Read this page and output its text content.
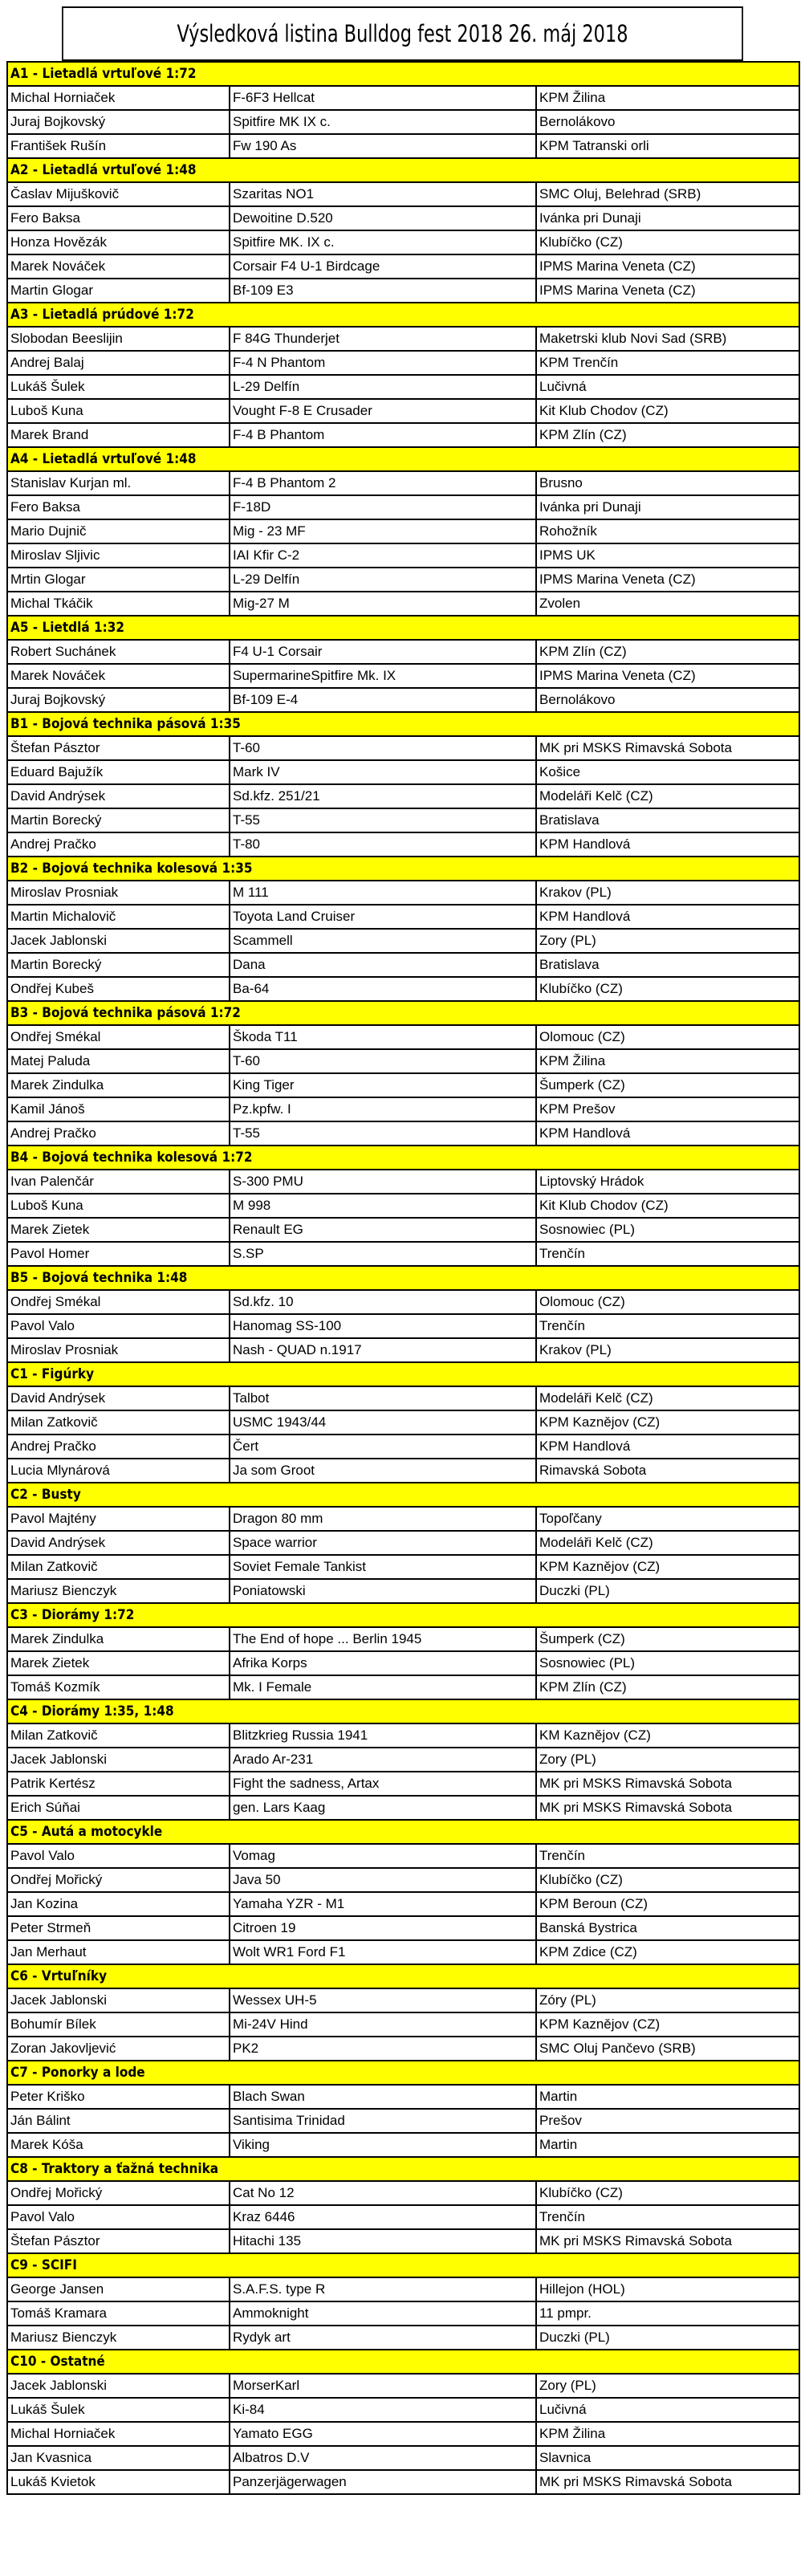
Výsledková listina Bulldog fest 2018 26. máj 2018
A1 - Lietadlá vrtuľové 1:72		
Michal Horniaček	F-6F3 Hellcat	KPM Žilina
Juraj Bojkovský	Spitfire MK IX c.	Bernolákovo
František Rušín	Fw 190 As	KPM Tatranski orli
A2 - Lietadlá vrtuľové 1:48		
Časlav Mijuškovič	Szaritas NO1	SMC Oluj, Belehrad (SRB)
Fero Baksa	Dewoitine D.520	Ivánka pri Dunaji
Honza Hovězák	Spitfire MK. IX c.	Klubíčko (CZ)
Marek Nováček	Corsair F4 U-1 Birdcage	IPMS Marina Veneta (CZ)
Martin Glogar	Bf-109 E3	IPMS Marina Veneta (CZ)
A3 - Lietadlá prúdové 1:72		
Slobodan Beeslijin	F 84G Thunderjet	Maketrski klub Novi Sad (SRB)
Andrej Balaj	F-4 N Phantom	KPM Trenčín
Lukáš Šulek	L-29 Delfín	Lučivná
Luboš Kuna	Vought F-8 E Crusader	Kit Klub Chodov (CZ)
Marek Brand	F-4 B Phantom	KPM Zlín (CZ)
A4 - Lietadlá vrtuľové 1:48		
Stanislav Kurjan ml.	F-4 B Phantom 2	Brusno
Fero Baksa	F-18D	Ivánka pri Dunaji
Mario Dujnič	Mig - 23 MF	Rohožník
Miroslav Sljivic	IAI Kfir C-2	IPMS UK
Mrtin Glogar	L-29 Delfín	IPMS Marina Veneta (CZ)
Michal Tkáčik	Mig-27 M	Zvolen
A5 - Lietdlá 1:32		
Robert Suchánek	F4 U-1 Corsair	KPM Zlín (CZ)
Marek Nováček	SupermarineSpitfire Mk. IX	IPMS Marina Veneta (CZ)
Juraj Bojkovský	Bf-109 E-4	Bernolákovo
B1 - Bojová technika pásová 1:35		
Štefan Pásztor	T-60	MK pri MSKS Rimavská Sobota
Eduard Bajužík	Mark IV	Košice
David Andrýsek	Sd.kfz. 251/21	Modeláři Kelč (CZ)
Martin Borecký	T-55	Bratislava
Andrej Pračko	T-80	KPM Handlová
B2 - Bojová technika kolesová 1:35		
Miroslav Prosniak	M 111	Krakov (PL)
Martin Michalovič	Toyota Land Cruiser	KPM Handlová
Jacek Jablonski	Scammell	Zory (PL)
Martin Borecký	Dana	Bratislava
Ondřej Kubeš	Ba-64	Klubíčko (CZ)
B3 - Bojová technika pásová 1:72		
Ondřej Smékal	Škoda T11	Olomouc (CZ)
Matej Paluda	T-60	KPM Žilina
Marek Zindulka	King Tiger	Šumperk (CZ)
Kamil Jánoš	Pz.kpfw. I	KPM Prešov
Andrej Pračko	T-55	KPM Handlová
B4 - Bojová technika kolesová 1:72		
Ivan Palenčár	S-300 PMU	Liptovský Hrádok
Luboš Kuna	M 998	Kit Klub Chodov (CZ)
Marek Zietek	Renault EG	Sosnowiec (PL)
Pavol Homer	S.SP	Trenčín
B5 - Bojová technika 1:48		
Ondřej Smékal	Sd.kfz. 10	Olomouc (CZ)
Pavol Valo	Hanomag SS-100	Trenčín
Miroslav Prosniak	Nash - QUAD n.1917	Krakov (PL)
C1 - Figúrky		
David Andrýsek	Talbot	Modeláři Kelč (CZ)
Milan Zatkovič	USMC 1943/44	KPM Kaznějov (CZ)
Andrej Pračko	Čert	KPM Handlová
Lucia Mlynárová	Ja som Groot	Rimavská Sobota
C2 - Busty		
Pavol Majtény	Dragon 80 mm	Topoľčany
David Andrýsek	Space warrior	Modeláři Kelč (CZ)
Milan Zatkovič	Soviet Female Tankist	KPM Kaznějov (CZ)
Mariusz Bienczyk	Poniatowski	Duczki (PL)
C3 - Diorámy 1:72		
Marek Zindulka	The End of hope ... Berlin 1945	Šumperk (CZ)
Marek Zietek	Afrika Korps	Sosnowiec (PL)
Tomáš Kozmík	Mk. I Female	KPM Zlín (CZ)
C4 - Diorámy 1:35, 1:48		
Milan Zatkovič	Blitzkrieg Russia 1941	KM Kaznějov (CZ)
Jacek Jablonski	Arado Ar-231	Zory (PL)
Patrik Kertész	Fight the sadness, Artax	MK pri MSKS Rimavská Sobota
Erich Súňai	gen. Lars Kaag	MK pri MSKS Rimavská Sobota
C5 - Autá a motocykle		
Pavol Valo	Vomag	Trenčín
Ondřej Mořický	Java 50	Klubíčko (CZ)
Jan Kozina	Yamaha YZR - M1	KPM Beroun (CZ)
Peter Strmeň	Citroen 19	Banská Bystrica
Jan Merhaut	Wolt WR1 Ford F1	KPM Zdice (CZ)
C6 - Vrtuľníky		
Jacek Jablonski	Wessex UH-5	Zóry (PL)
Bohumír Bílek	Mi-24V Hind	KPM Kaznějov (CZ)
Zoran Jakovljević	PK2	SMC Oluj Pančevo (SRB)
C7 - Ponorky a lode		
Peter Kriško	Blach Swan	Martin
Ján Bálint	Santisima Trinidad	Prešov
Marek Kóša	Viking	Martin
C8 - Traktory a ťažná technika		
Ondřej Mořický	Cat No 12	Klubíčko (CZ)
Pavol Valo	Kraz 6446	Trenčín
Štefan Pásztor	Hitachi 135	MK pri MSKS Rimavská Sobota
C9 - SCIFI		
George Jansen	S.A.F.S. type R	Hillejon (HOL)
Tomáš Kramara	Ammoknight	11 pmpr.
Mariusz Bienczyk	Rydyk art	Duczki (PL)
C10 - Ostatné		
Jacek Jablonski	MorserKarl	Zory (PL)
Lukáš Šulek	Ki-84	Lučivná
Michal Horniaček	Yamato EGG	KPM Žilina
Jan Kvasnica	Albatros D.V	Slavnica
Lukáš Kvietok	Panzerjägerwagen	MK pri MSKS Rimavská Sobota
